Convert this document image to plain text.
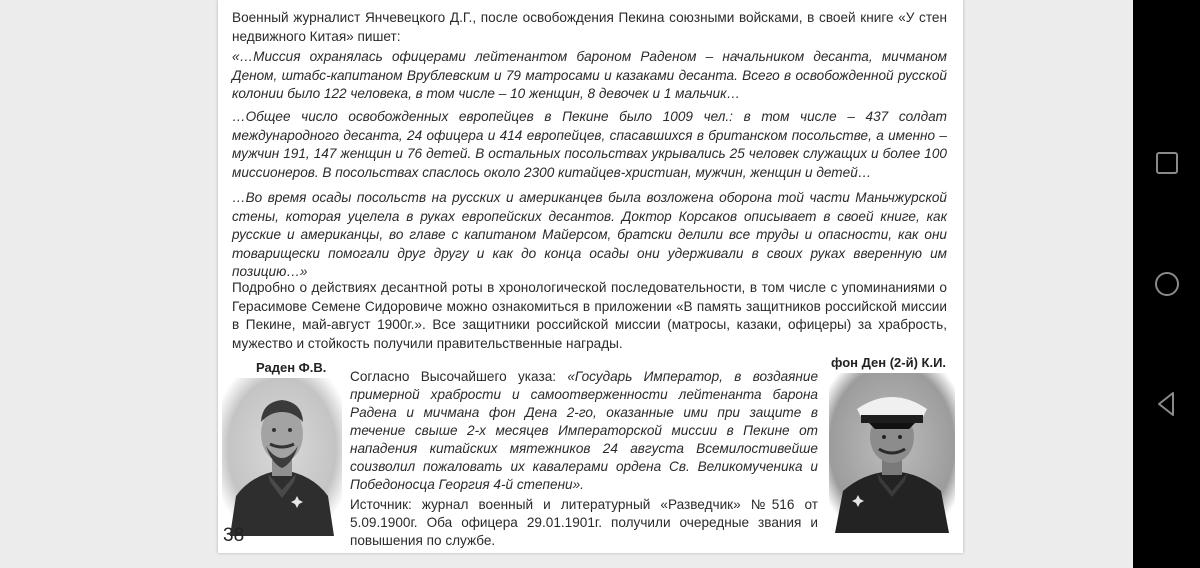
Военный журналист Янчевецкого Д.Г., после освобождения Пекина союзными войсками, в своей книге «У стен недвижного Китая» пишет:

«…Миссия охранялась офицерами лейтенантом бароном Раденом – начальником десанта, мичманом Деном, штабс-капитаном Врублевским и 79 матросами и казаками десанта. Всего в освобожденной русской колонии было 122 человека, в том числе – 10 женщин, 8 девочек и 1 мальчик…

…Общее число освобожденных европейцев в Пекине было 1009 чел.: в том числе – 437 солдат международного десанта, 24 офицера и 414 европейцев, спасавшихся в британском посольстве, а именно – мужчин 191, 147 женщин и 76 детей. В остальных посольствах укрывались 25 человек служащих и более 100 миссионеров. В посольствах спаслось около 2300 китайцев-христиан, мужчин, женщин и детей…

…Во время осады посольств на русских и американцев была возложена оборона той части Маньчжурской стены, которая уцелела в руках европейских десантов. Доктор Корсаков описывает в своей книге, как русские и американцы, во главе с капитаном Майерсом, братски делили все труды и опасности, как они товарищески помогали друг другу и как до конца осады они удерживали в своих руках вверенную им позицию…»

Подробно о действиях десантной роты в хронологической последовательности, в том числе с упоминаниями о Герасимове Семене Сидоровиче можно ознакомиться в приложении «В память защитников российской миссии в Пекине, май-август 1900г.». Все защитники российской миссии (матросы, казаки, офицеры) за храбрость, мужество и стойкость получили правительственные награды.

Раден Ф.В.	фон Ден (2-й) К.И.
38
Согласно Высочайшего указа: «Государь Император, в воздаяние примерной храбрости и самоотверженности лейтенанта барона Радена и мичмана фон Дена 2-го, оказанные ими при защите в течение свыше 2-х месяцев Императорской миссии в Пекине от нападения китайских мятежников 24 августа Всемилостивейше соизволил пожаловать их кавалерами ордена Св. Великомученика и Победоносца Георгия 4-й степени».
Источник: журнал военный и литературный «Разведчик» №516 от 5.09.1900г. Оба офицера 29.01.1901г. получили очередные звания и повышения по службе.
